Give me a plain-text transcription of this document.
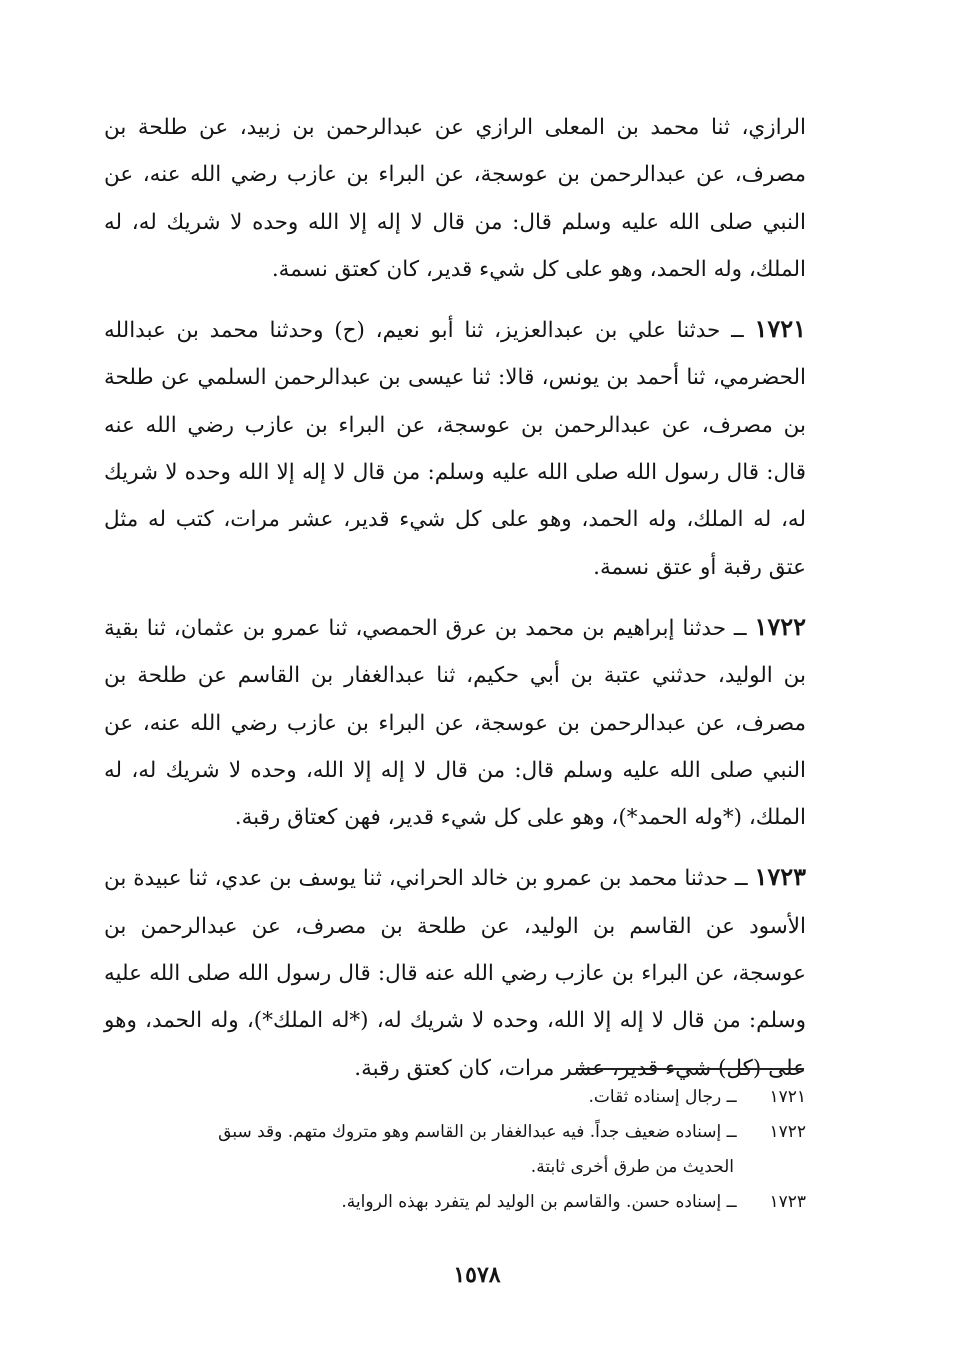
الرازي، ثنا محمد بن المعلى الرازي عن عبدالرحمن بن زبيد، عن طلحة بن مصرف، عن عبدالرحمن بن عوسجة، عن البراء بن عازب رضي الله عنه، عن النبي صلى الله عليه وسلم قال: من قال لا إله إلا الله وحده لا شريك له، له الملك، وله الحمد، وهو على كل شيء قدير، كان كعتق نسمة.

١٧٢١ ــ حدثنا علي بن عبدالعزيز، ثنا أبو نعيم، (ح) وحدثنا محمد بن عبدالله الحضرمي، ثنا أحمد بن يونس، قالا: ثنا عيسى بن عبدالرحمن السلمي عن طلحة بن مصرف، عن عبدالرحمن بن عوسجة، عن البراء بن عازب رضي الله عنه قال: قال رسول الله صلى الله عليه وسلم: من قال لا إله إلا الله وحده لا شريك له، له الملك، وله الحمد، وهو على كل شيء قدير، عشر مرات، كتب له مثل عتق رقبة أو عتق نسمة.

١٧٢٢ ــ حدثنا إبراهيم بن محمد بن عرق الحمصي، ثنا عمرو بن عثمان، ثنا بقية بن الوليد، حدثني عتبة بن أبي حكيم، ثنا عبدالغفار بن القاسم عن طلحة بن مصرف، عن عبدالرحمن بن عوسجة، عن البراء بن عازب رضي الله عنه، عن النبي صلى الله عليه وسلم قال: من قال لا إله إلا الله، وحده لا شريك له، له الملك، (*وله الحمد*)، وهو على كل شيء قدير، فهن كعتاق رقبة.

١٧٢٣ ــ حدثنا محمد بن عمرو بن خالد الحراني، ثنا يوسف بن عدي، ثنا عبيدة بن الأسود عن القاسم بن الوليد، عن طلحة بن مصرف، عن عبدالرحمن بن عوسجة، عن البراء بن عازب رضي الله عنه قال: قال رسول الله صلى الله عليه وسلم: من قال لا إله إلا الله، وحده لا شريك له، (*له الملك*)، وله الحمد، وهو على (كل) شيء قدير، عشر مرات، كان كعتق رقبة.

١٧٢١ ــ رجال إسناده ثقات.

١٧٢٢ ــ إسناده ضعيف جداً. فيه عبدالغفار بن القاسم وهو متروك متهم. وقد سبق

الحديث من طرق أخرى ثابتة.

١٧٢٣ ــ إسناده حسن. والقاسم بن الوليد لم يتفرد بهذه الرواية.

١٥٧٨
